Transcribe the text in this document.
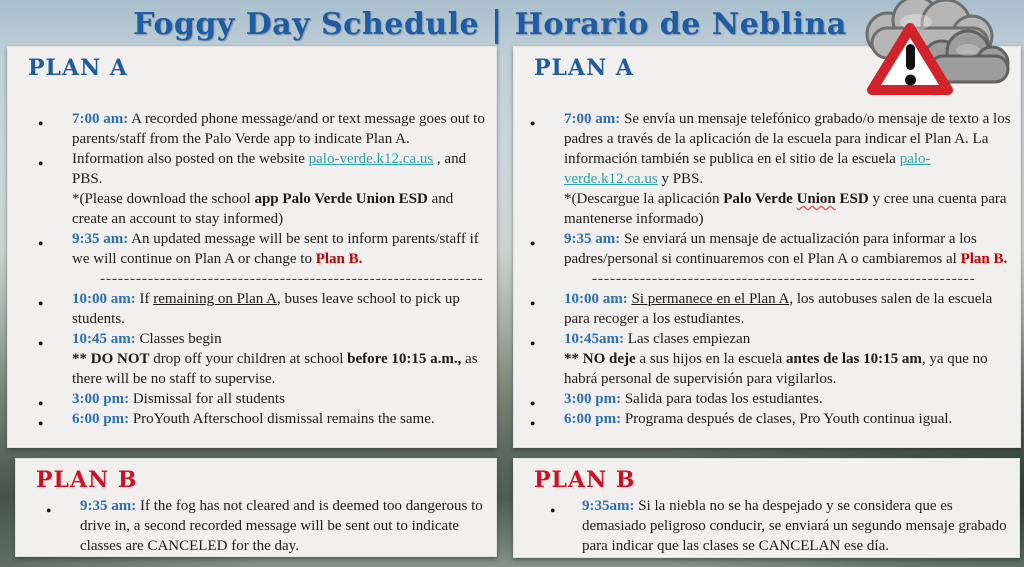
Foggy Day Schedule | Horario de Neblina
PLAN A
● 7:00 am: A recorded phone message/and or text message goes out to parents/staff from the Palo Verde app to indicate Plan A.
● Information also posted on the website palo-verde.k12.ca.us , and PBS.
*(Please download the school app Palo Verde Union ESD and create an account to stay informed)
● 9:35 am: An updated message will be sent to inform parents/staff if we will continue on Plan A or change to Plan B.
----------------------------------------------------------------
● 10:00 am: If remaining on Plan A, buses leave school to pick up students.
● 10:45 am: Classes begin
** DO NOT drop off your children at school before 10:15 a.m., as there will be no staff to supervise.
● 3:00 pm: Dismissal for all students
● 6:00 pm: ProYouth Afterschool dismissal remains the same.
PLAN A
● 7:00 am: Se envía un mensaje telefónico grabado/o mensaje de texto a los padres a través de la aplicación de la escuela para indicar el Plan A. La información también se publica en el sitio de la escuela palo-verde.k12.ca.us y PBS.
*(Descargue la aplicación Palo Verde Union ESD y cree una cuenta para mantenerse informado)
● 9:35 am: Se enviará un mensaje de actualización para informar a los padres/personal si continuaremos con el Plan A o cambiaremos al Plan B.
----------------------------------------------------------------
● 10:00 am: Si permanece en el Plan A, los autobuses salen de la escuela para recoger a los estudiantes.
● 10:45am: Las clases empiezan
** NO deje a sus hijos en la escuela antes de las 10:15 am, ya que no habrá personal de supervisión para vigilarlos.
● 3:00 pm: Salida para todas los estudiantes.
● 6:00 pm: Programa después de clases, Pro Youth continua igual.
PLAN B
● 9:35 am: If the fog has not cleared and is deemed too dangerous to drive in, a second recorded message will be sent out to indicate classes are CANCELED for the day.
PLAN B
● 9:35am: Si la niebla no se ha despejado y se considera que es demasiado peligroso conducir, se enviará un segundo mensaje grabado para indicar que las clases se CANCELAN ese día.
